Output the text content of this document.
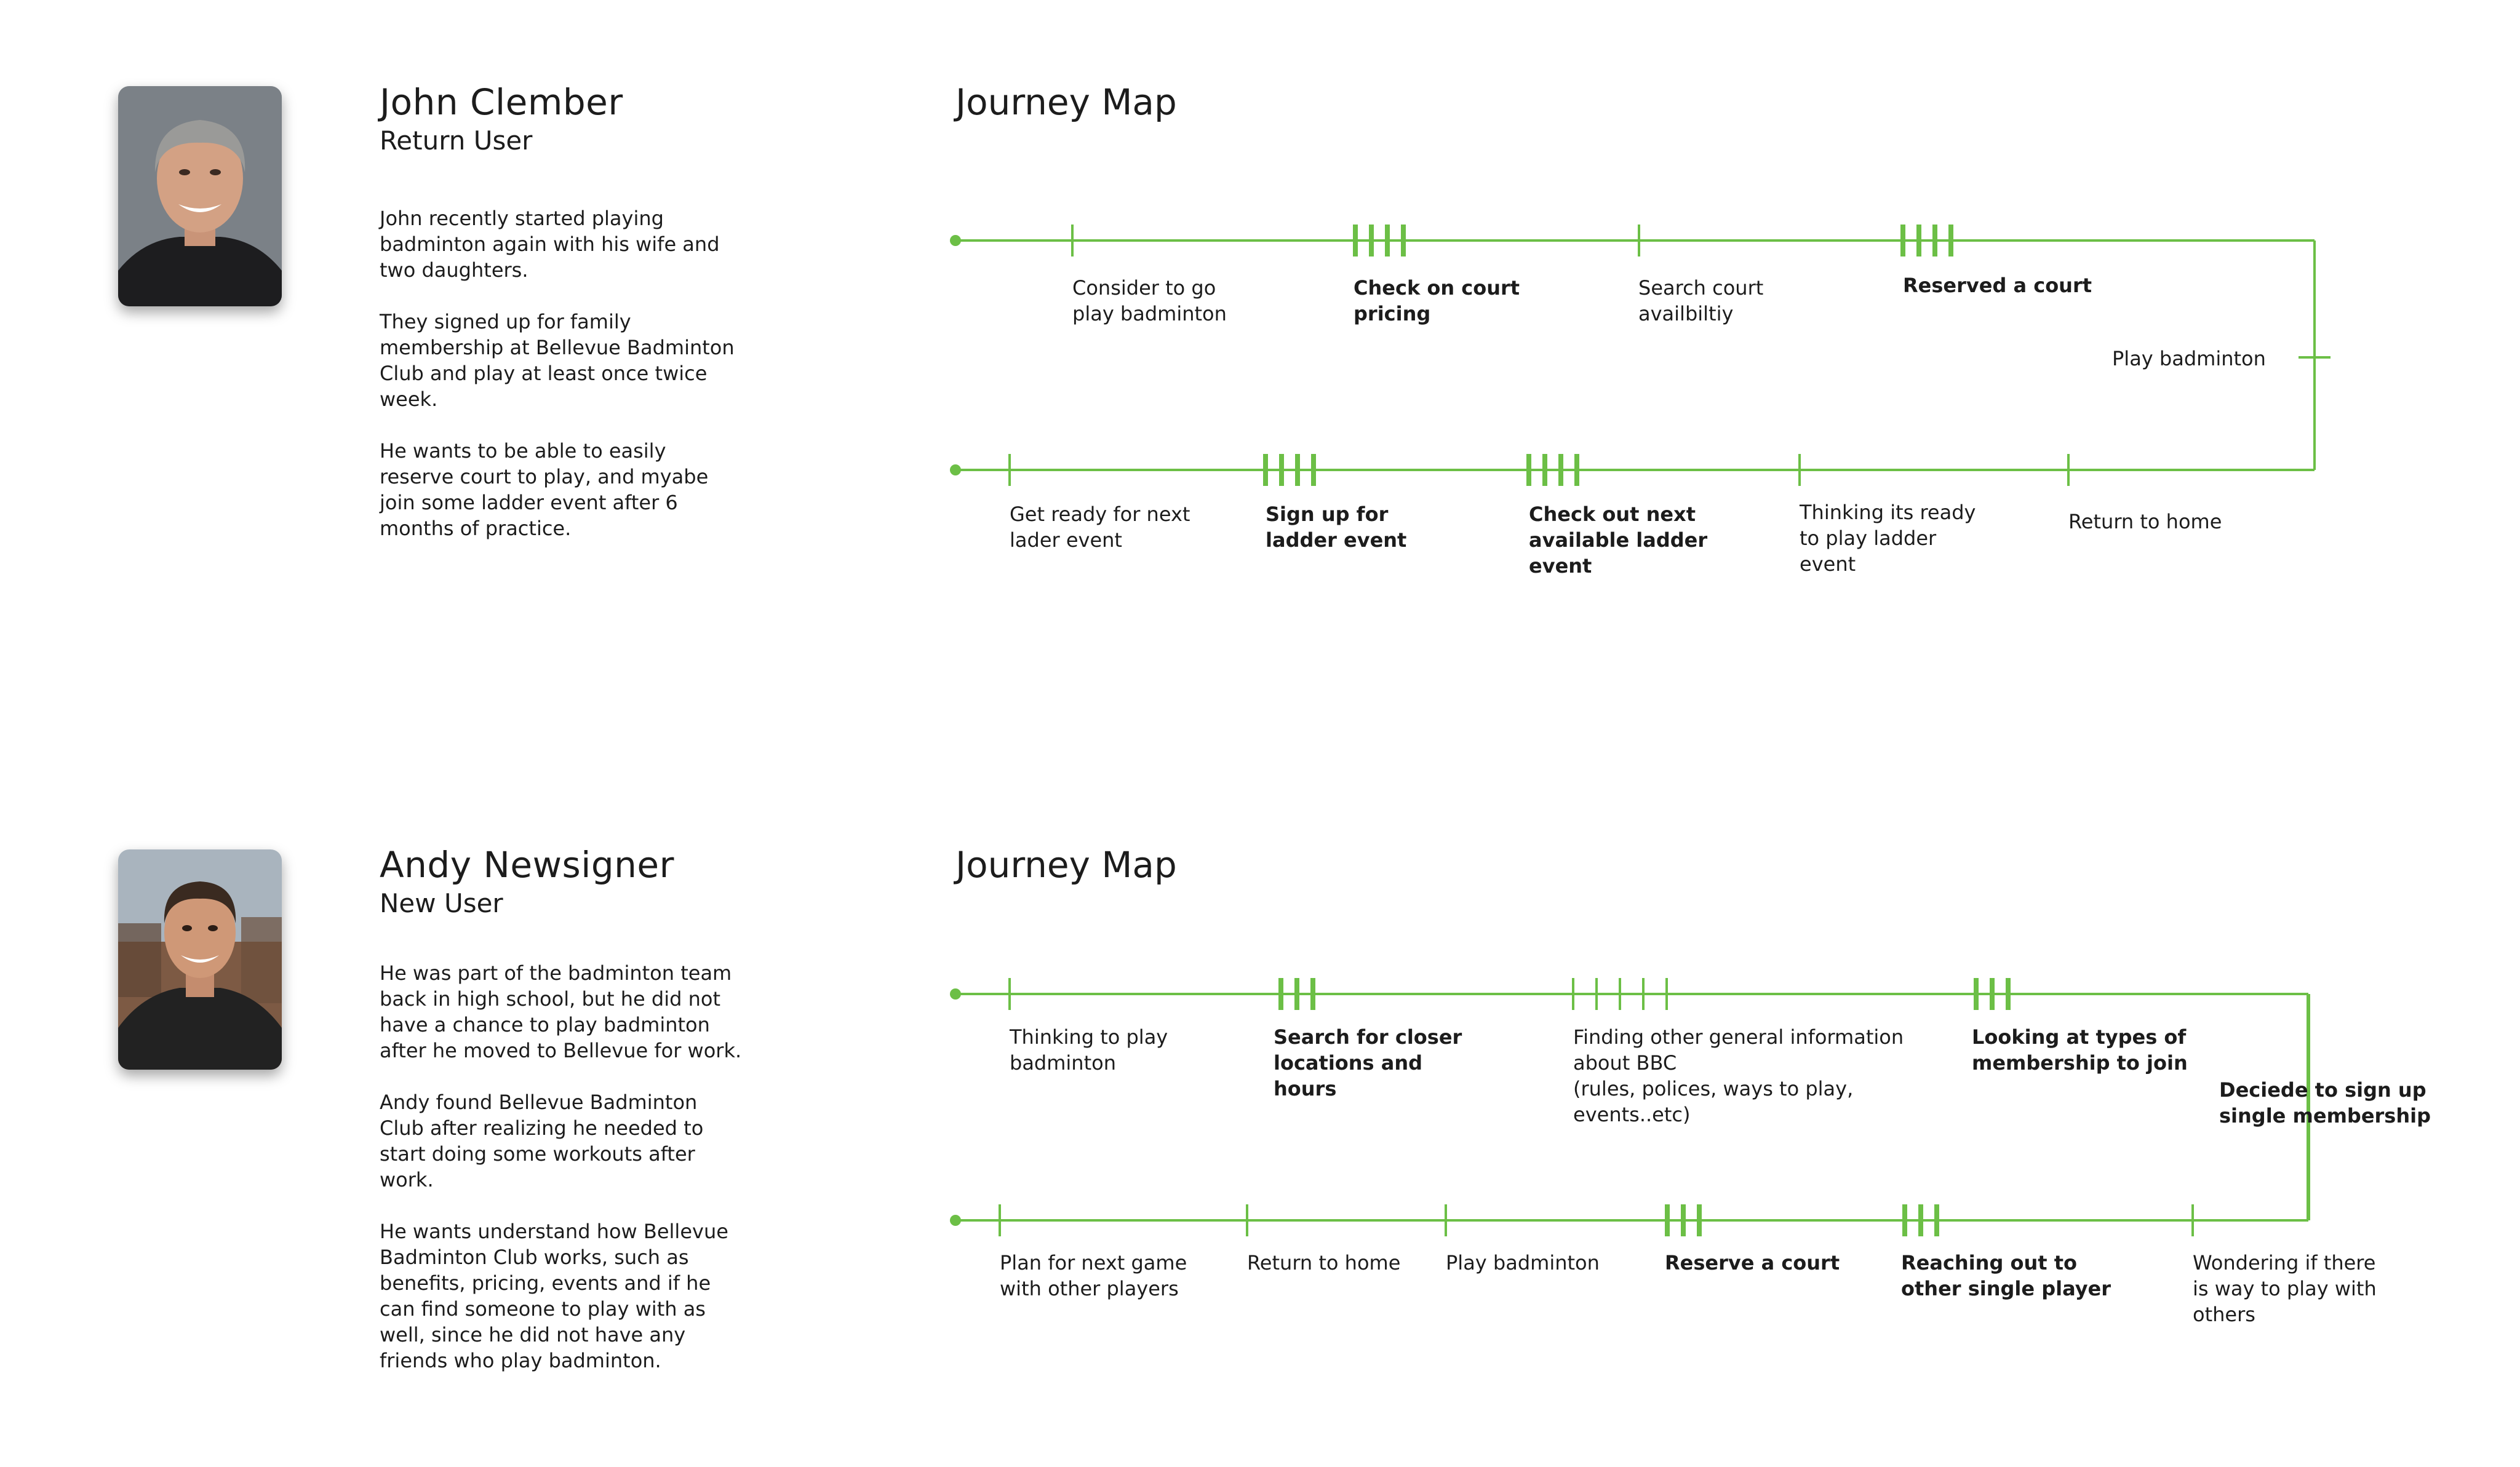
John Clember
Return User

John recently started playing
badminton again with his wife and
two daughters.

They signed up for family
membership at Bellevue Badminton
Club and play at least once twice
week.

He wants to be able to easily
reserve court to play, and myabe
join some ladder event after 6
months of practice.

Journey Map
Andy Newsigner
New User

He was part of the badminton team
back in high school, but he did not
have a chance to play badminton
after he moved to Bellevue for work.

Andy found Bellevue Badminton
Club after realizing he needed to
start doing some workouts after
work.

He wants understand how Bellevue
Badminton Club works, such as
benefits, pricing, events and if he
can find someone to play with as
well, since he did not have any
friends who play badminton.

Journey Map
Consider to go
play badminton
Check on court
pricing
Search court
availbiltiy
Reserved a court
Play badminton
Return to home
Thinking its ready
to play ladder
event
Check out next
available ladder
event
Sign up for
ladder event
Get ready for next
lader event
Thinking to play
badminton
Search for closer
locations and
hours
Finding other general information
about BBC
(rules, polices, ways to play,
events..etc)
Looking at types of
membership to join
Deciede to sign up
single membership
Wondering if there
is way to play with
others
Reaching out to
other single player
Reserve a court
Play badminton
Return to home
Plan for next game
with other players
